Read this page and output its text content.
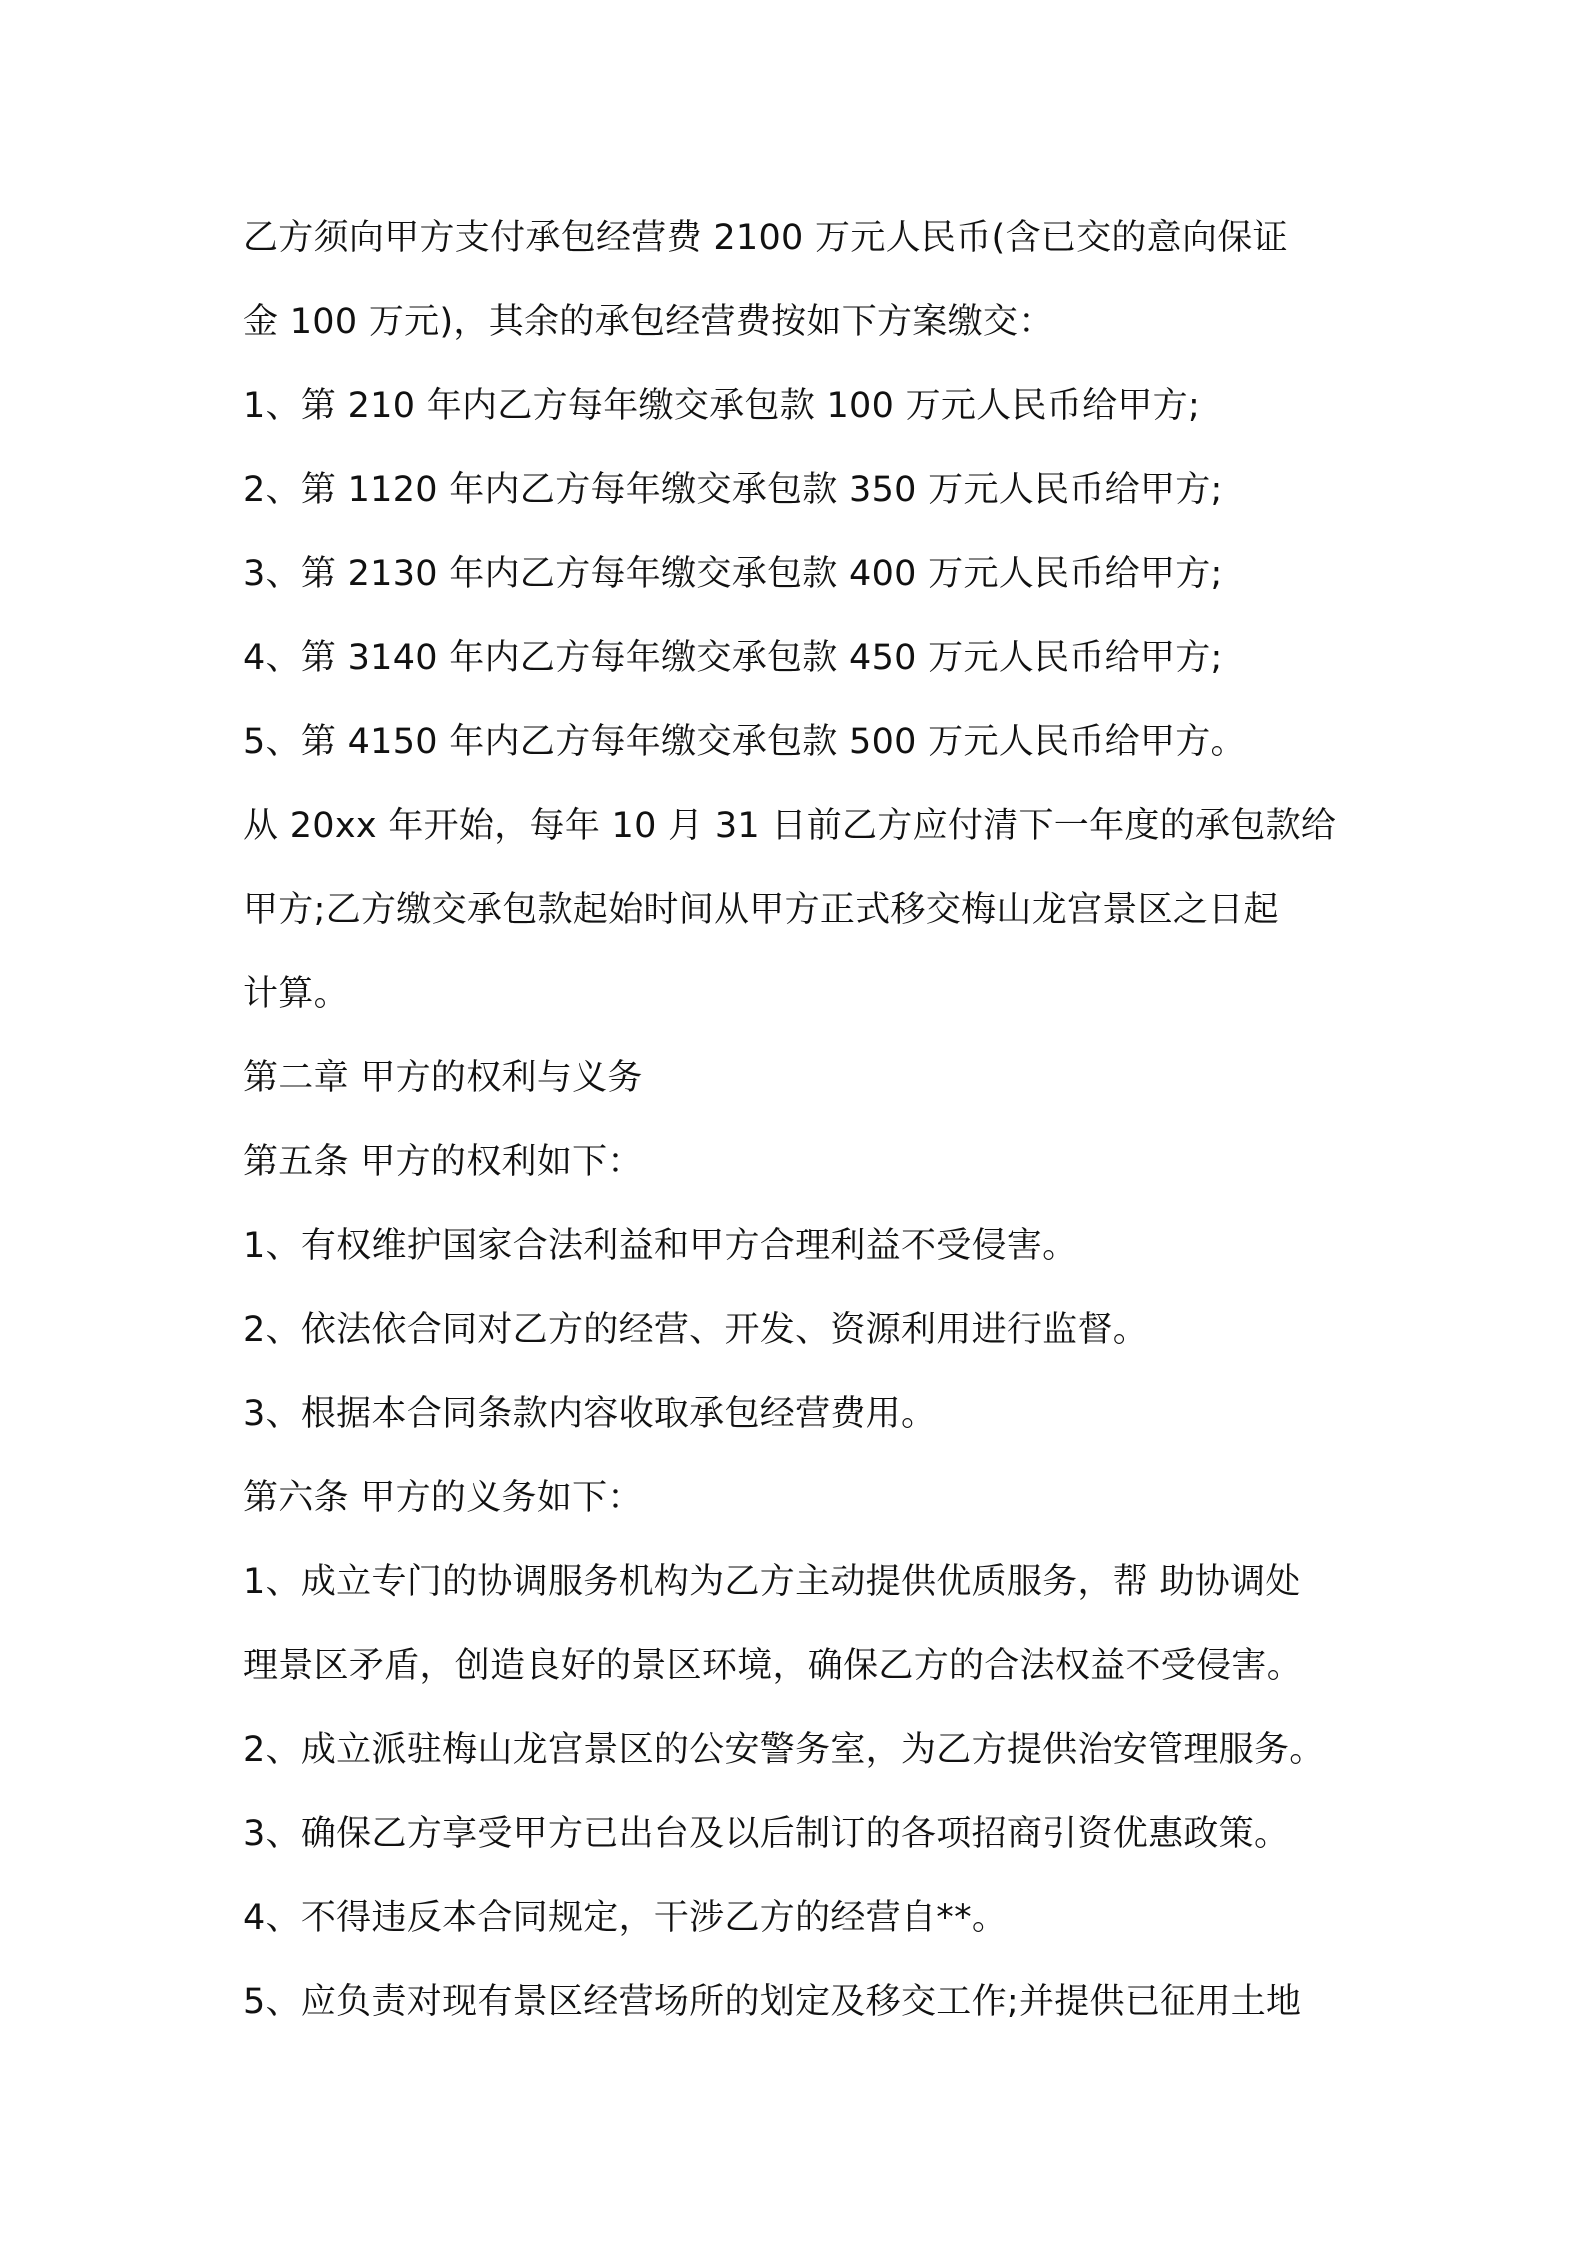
乙方须向甲方支付承包经营费 2100 万元人民币(含已交的意向保证
金 100 万元)，其余的承包经营费按如下方案缴交：
1、第 210 年内乙方每年缴交承包款 100 万元人民币给甲方;
2、第 1120 年内乙方每年缴交承包款 350 万元人民币给甲方;
3、第 2130 年内乙方每年缴交承包款 400 万元人民币给甲方;
4、第 3140 年内乙方每年缴交承包款 450 万元人民币给甲方;
5、第 4150 年内乙方每年缴交承包款 500 万元人民币给甲方。
从 20xx 年开始，每年 10 月 31 日前乙方应付清下一年度的承包款给
甲方;乙方缴交承包款起始时间从甲方正式移交梅山龙宫景区之日起
计算。
第二章 甲方的权利与义务
第五条 甲方的权利如下：
1、有权维护国家合法利益和甲方合理利益不受侵害。
2、依法依合同对乙方的经营、开发、资源利用进行监督。
3、根据本合同条款内容收取承包经营费用。
第六条 甲方的义务如下：
1、成立专门的协调服务机构为乙方主动提供优质服务，帮 助协调处
理景区矛盾，创造良好的景区环境，确保乙方的合法权益不受侵害。
2、成立派驻梅山龙宫景区的公安警务室，为乙方提供治安管理服务。
3、确保乙方享受甲方已出台及以后制订的各项招商引资优惠政策。
4、不得违反本合同规定，干涉乙方的经营自**。
5、应负责对现有景区经营场所的划定及移交工作;并提供已征用土地
